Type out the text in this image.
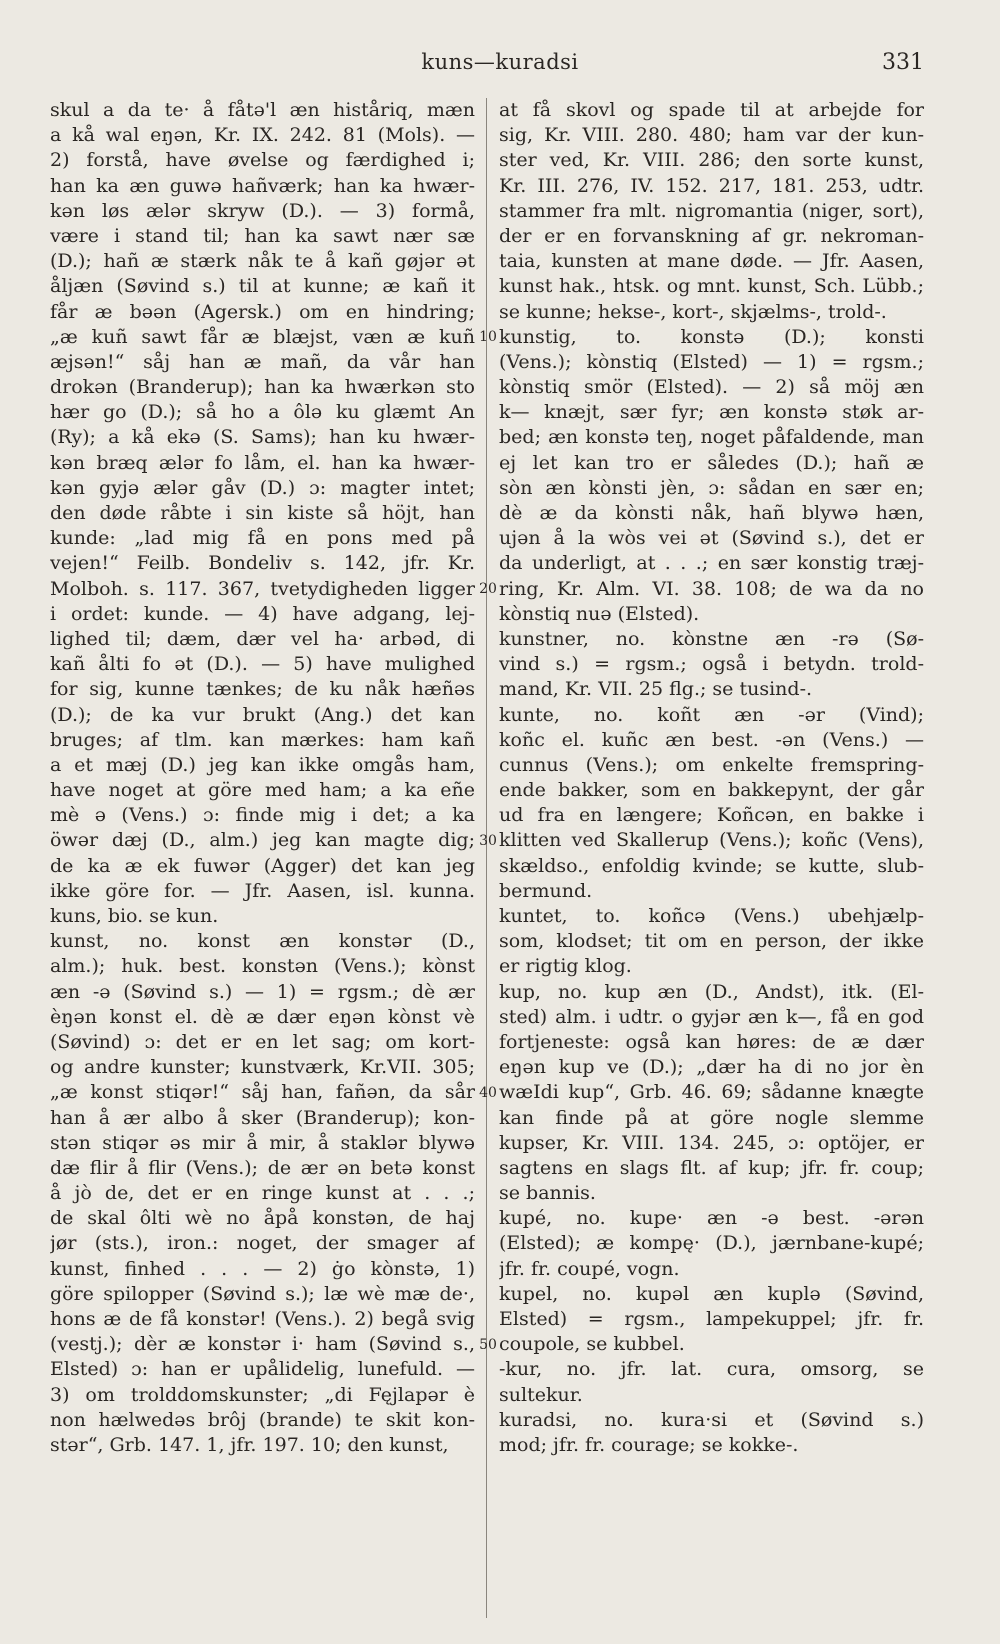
kuns—kuradsi	331
skul a da te· å fåtə'l æn histåriq, mæn
a kå wal eŋən, Kr. IX. 242. 81 (Mols). —
2) forstå, have øvelse og færdighed i;
han ka æn guwə hañværk; han ka hwær-
kən løs ælər skryw (D.). — 3) formå,
være i stand til; han ka sawt nær sæ
(D.); hañ æ stærk nåk te å kañ gøjər ət
åljæn (Søvind s.) til at kunne; æ kañ it
får æ bəən (Agersk.) om en hindring;
„æ kuñ sawt får æ blæjst, væn æ kuñ
æjsən!“ såj han æ mañ, da vår han
drokən (Branderup); han ka hwærkən sto
hær go (D.); så ho a ôlə ku glæmt An
(Ry); a kå ekə (S. Sams); han ku hwær-
kən bræq ælər fo låm, el. han ka hwær-
kən gyjə ælər gåv (D.) ɔ: magter intet;
den døde råbte i sin kiste så höjt, han
kunde: „lad mig få en pons med på
vejen!“ Feilb. Bondeliv s. 142, jfr. Kr.
Molboh. s. 117. 367, tvetydigheden ligger
i ordet: kunde. — 4) have adgang, lej-
lighed til; dæm, dær vel ha· arbəd, di
kañ ålti fo ət (D.). — 5) have mulighed
for sig, kunne tænkes; de ku nåk hæñəs
(D.); de ka vur brukt (Ang.) det kan
bruges; af tlm. kan mærkes: ham kañ
a et mæj (D.) jeg kan ikke omgås ham,
have noget at göre med ham; a ka eñe
mè ə (Vens.) ɔ: finde mig i det; a ka
öwər dæj (D., alm.) jeg kan magte dig;
de ka æ ek fuwər (Agger) det kan jeg
ikke göre for. — Jfr. Aasen, isl. kunna.
kuns, bio. se kun.
kunst, no. konst æn konstər (D.,
alm.); huk. best. konstən (Vens.); kònst
æn -ə (Søvind s.) — 1) = rgsm.; dè ær
èŋən konst el. dè æ dær eŋən kònst vè
(Søvind) ɔ: det er en let sag; om kort-
og andre kunster; kunstværk, Kr.VII. 305;
„æ konst stiqər!“ såj han, fañən, da sår
han å ær albo å sker (Branderup); kon-
stən stiqər əs mir å mir, å staklər blywə
dæ flir å flir (Vens.); de ær ən betə konst
å jò de, det er en ringe kunst at . . .;
de skal ôlti wè no åpå konstən, de haj
jør (sts.), iron.: noget, der smager af
kunst, finhed . . . — 2) ġo kònstə, 1)
göre spilopper (Søvind s.); læ wè mæ de·,
hons æ de få konstər! (Vens.). 2) begå svig
(vestj.); dèr æ konstər i· ham (Søvind s.,
Elsted) ɔ: han er upålidelig, lunefuld. —
3) om trolddomskunster; „di Fęjlapər è
non hælwedəs brôj (brande) te skit kon-
stər“, Grb. 147. 1, jfr. 197. 10; den kunst,
at få skovl og spade til at arbejde for
sig, Kr. VIII. 280. 480; ham var der kun-
ster ved, Kr. VIII. 286; den sorte kunst,
Kr. III. 276, IV. 152. 217, 181. 253, udtr.
stammer fra mlt. nigromantia (niger, sort),
der er en forvanskning af gr. nekroman-
taia, kunsten at mane døde. — Jfr. Aasen,
kunst hak., htsk. og mnt. kunst, Sch. Lübb.;
se kunne; hekse-, kort-, skjælms-, trold-.
kunstig, to. konstə (D.); konsti
(Vens.); kònstiq (Elsted) — 1) = rgsm.;
kònstiq smör (Elsted). — 2) så möj æn
k— knæjt, sær fyr; æn konstə støk ar-
bed; æn konstə teŋ, noget påfaldende, man
ej let kan tro er således (D.); hañ æ
sòn æn kònsti jèn, ɔ: sådan en sær en;
dè æ da kònsti nåk, hañ blywə hæn,
ujən å la wòs vei ət (Søvind s.), det er
da underligt, at . . .; en sær konstig træj-
ring, Kr. Alm. VI. 38. 108; de wa da no
kònstiq nuə (Elsted).
kunstner, no. kònstne æn -rə (Sø-
vind s.) = rgsm.; også i betydn. trold-
mand, Kr. VII. 25 flg.; se tusind-.
kunte, no. koñt æn -ər (Vind);
koñc el. kuñc æn best. -ən (Vens.) —
cunnus (Vens.); om enkelte fremspring-
ende bakker, som en bakkepynt, der går
ud fra en længere; Koñcən, en bakke i
klitten ved Skallerup (Vens.); koñc (Vens),
skældso., enfoldig kvinde; se kutte, slub-
bermund.
kuntet, to. koñcə (Vens.) ubehjælp-
som, klodset; tit om en person, der ikke
er rigtig klog.
kup, no. kup æn (D., Andst), itk. (El-
sted) alm. i udtr. o gyjər æn k—, få en god
fortjeneste: også kan høres: de æ dær
eŋən kup ve (D.); „dær ha di no jor èn
wæIdi kup“, Grb. 46. 69; sådanne knægte
kan finde på at göre nogle slemme
kupser, Kr. VIII. 134. 245, ɔ: optöjer, er
sagtens en slags flt. af kup; jfr. fr. coup;
se bannis.
kupé, no. kupe· æn -ə best. -ərən
(Elsted); æ kompę· (D.), jærnbane-kupé;
jfr. fr. coupé, vogn.
kupel, no. kupəl æn kuplə (Søvind,
Elsted) = rgsm., lampekuppel; jfr. fr.
coupole, se kubbel.
-kur, no. jfr. lat. cura, omsorg, se
sultekur.
kuradsi, no. kura·si et (Søvind s.)
mod; jfr. fr. courage; se kokke-.
10
20
30
40
50
